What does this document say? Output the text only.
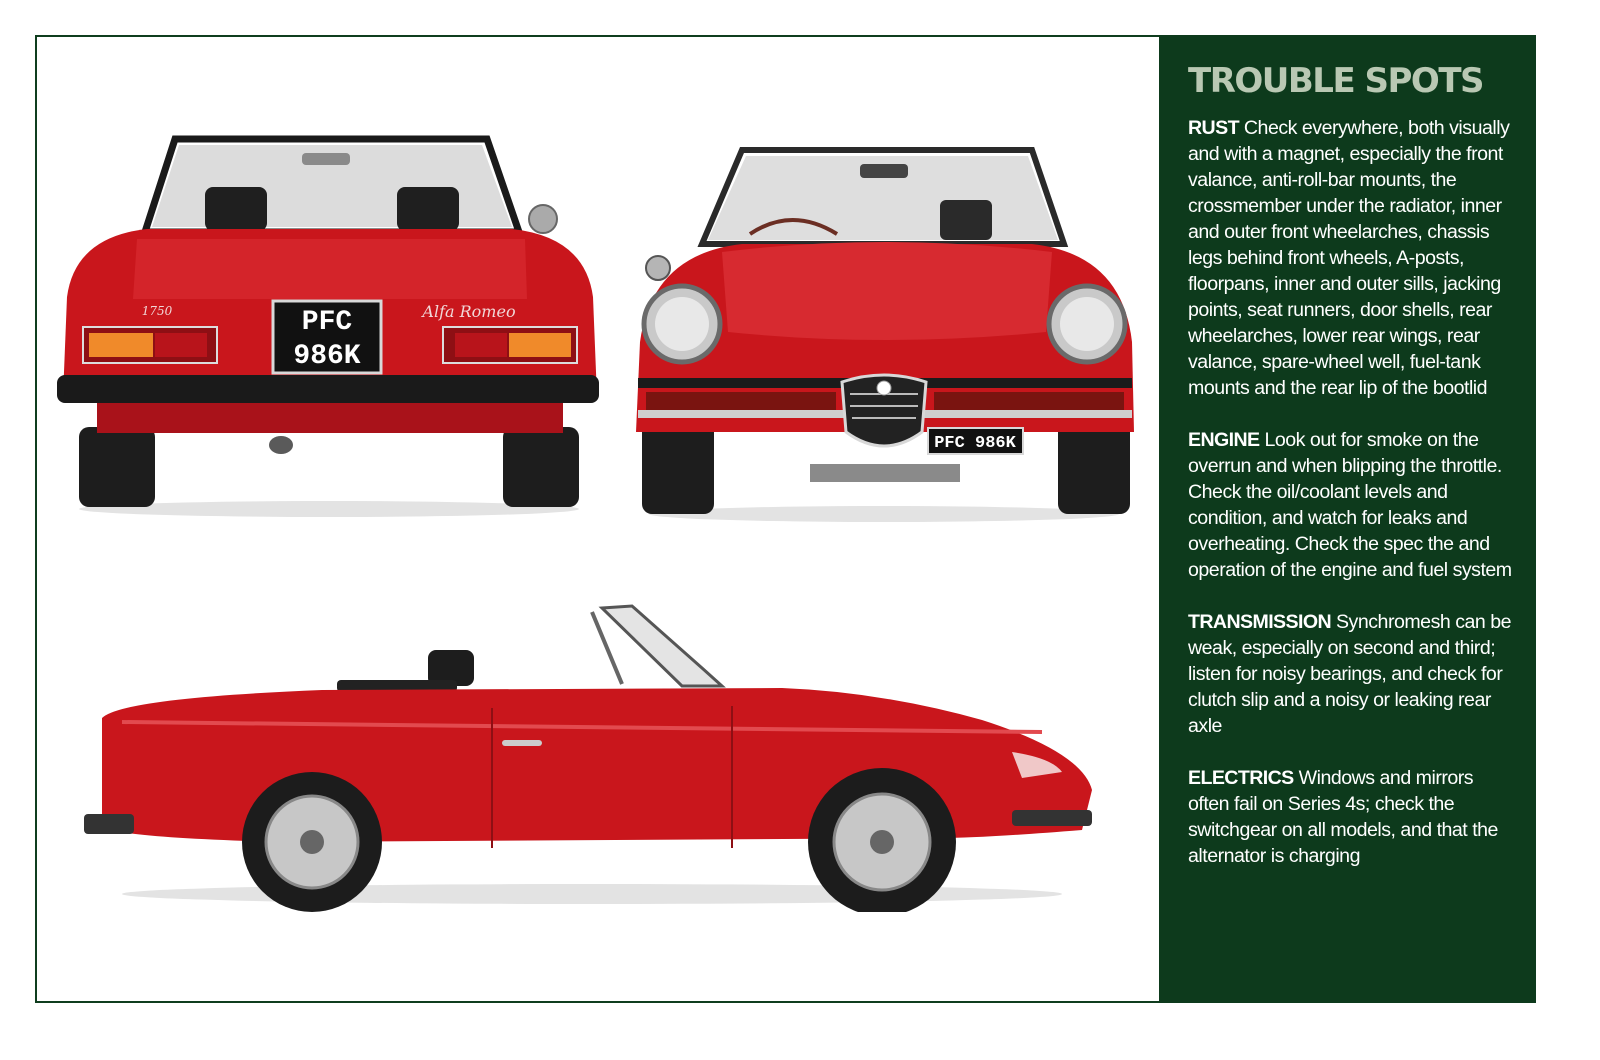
PFC
986K
1750	Alfa Romeo
PFC 986K
TROUBLE SPOTS
RUST Check everywhere, both visually and with a magnet, especially the front valance, anti-roll-bar mounts, the crossmember under the radiator, inner and outer front wheelarches, chassis legs behind front wheels, A-posts, floorpans, inner and outer sills, jacking points, seat runners, door shells, rear wheelarches, lower rear wings, rear valance, spare-wheel well, fuel-tank mounts and the rear lip of the bootlid
ENGINE Look out for smoke on the overrun and when blipping the throttle. Check the oil/coolant levels and condition, and watch for leaks and overheating. Check the spec the and operation of the engine and fuel system
TRANSMISSION Synchromesh can be weak, especially on second and third; listen for noisy bearings, and check for clutch slip and a noisy or leaking rear axle
ELECTRICS Windows and mirrors often fail on Series 4s; check the switchgear on all models, and that the alternator is charging
